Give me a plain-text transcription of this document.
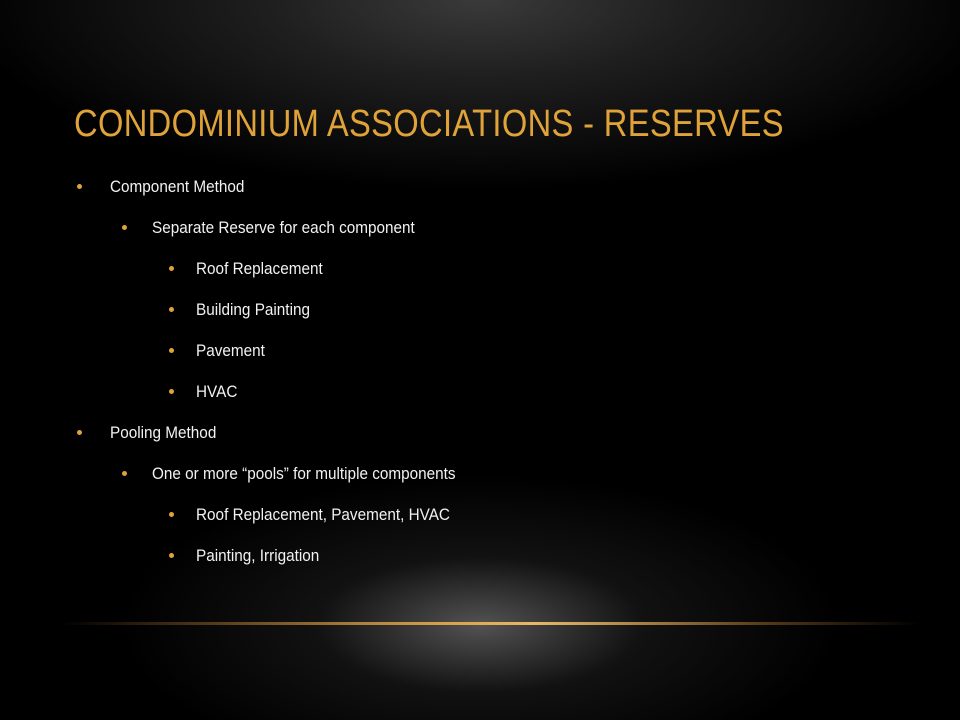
CONDOMINIUM ASSOCIATIONS - RESERVES
Component Method
Separate Reserve for each component
Roof Replacement
Building Painting
Pavement
HVAC
Pooling Method
One or more “pools” for multiple components
Roof Replacement, Pavement, HVAC
Painting, Irrigation
